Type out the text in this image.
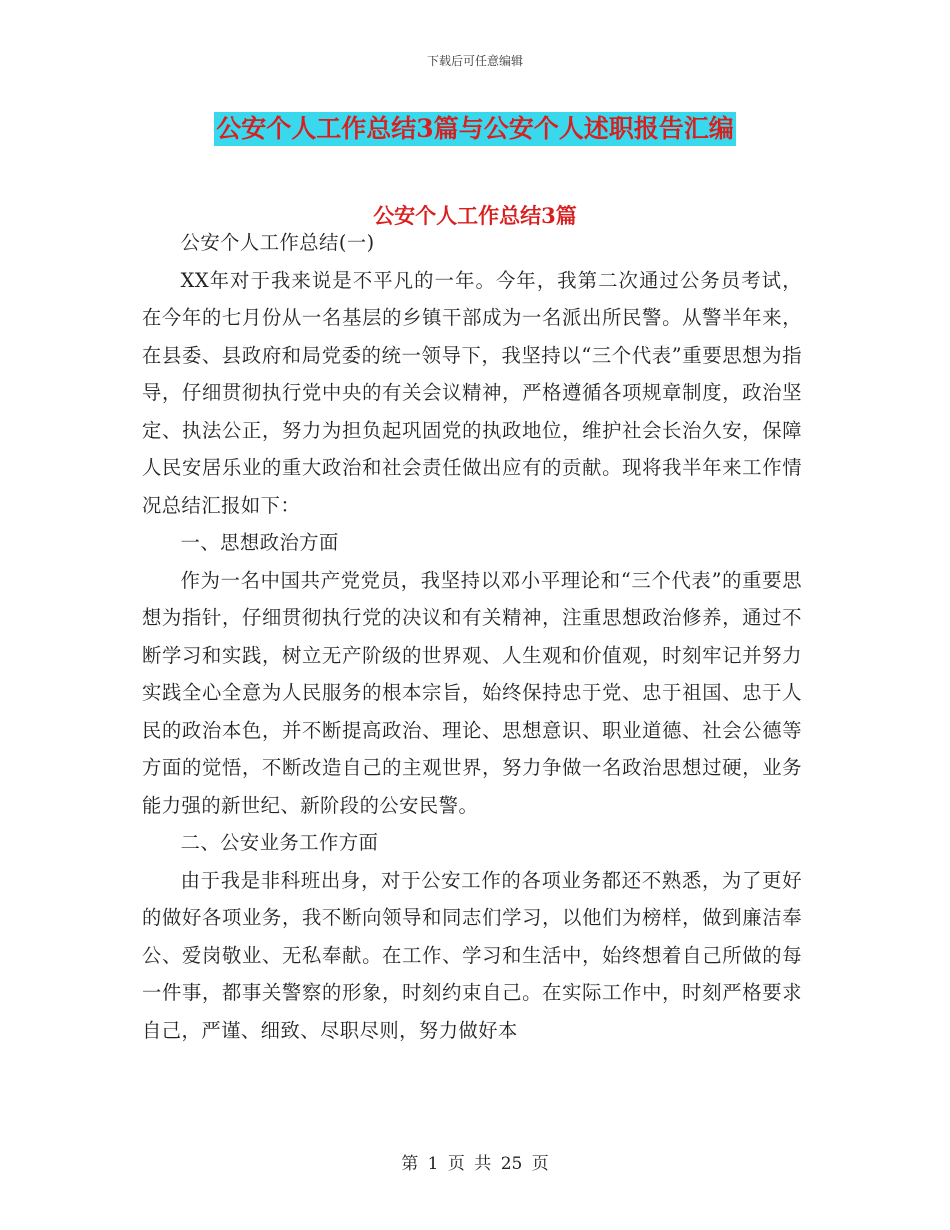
下载后可任意编辑
公安个人工作总结3篇与公安个人述职报告汇编
公安个人工作总结3篇

公安个人工作总结(一)

XX年对于我来说是不平凡的一年。今年，我第二次通过公务员考试，在今年的七月份从一名基层的乡镇干部成为一名派出所民警。从警半年来，在县委、县政府和局党委的统一领导下，我坚持以“三个代表”重要思想为指导，仔细贯彻执行党中央的有关会议精神，严格遵循各项规章制度，政治坚定、执法公正，努力为担负起巩固党的执政地位，维护社会长治久安，保障人民安居乐业的重大政治和社会责任做出应有的贡献。现将我半年来工作情况总结汇报如下：

一、思想政治方面

作为一名中国共产党党员，我坚持以邓小平理论和“三个代表”的重要思想为指针，仔细贯彻执行党的决议和有关精神，注重思想政治修养，通过不断学习和实践，树立无产阶级的世界观、人生观和价值观，时刻牢记并努力实践全心全意为人民服务的根本宗旨，始终保持忠于党、忠于祖国、忠于人民的政治本色，并不断提高政治、理论、思想意识、职业道德、社会公德等方面的觉悟，不断改造自己的主观世界，努力争做一名政治思想过硬，业务能力强的新世纪、新阶段的公安民警。

二、公安业务工作方面

由于我是非科班出身，对于公安工作的各项业务都还不熟悉，为了更好的做好各项业务，我不断向领导和同志们学习，以他们为榜样，做到廉洁奉公、爱岗敬业、无私奉献。在工作、学习和生活中，始终想着自己所做的每一件事，都事关警察的形象，时刻约束自己。在实际工作中，时刻严格要求自己，严谨、细致、尽职尽则，努力做好本

第 1 页 共 25 页
